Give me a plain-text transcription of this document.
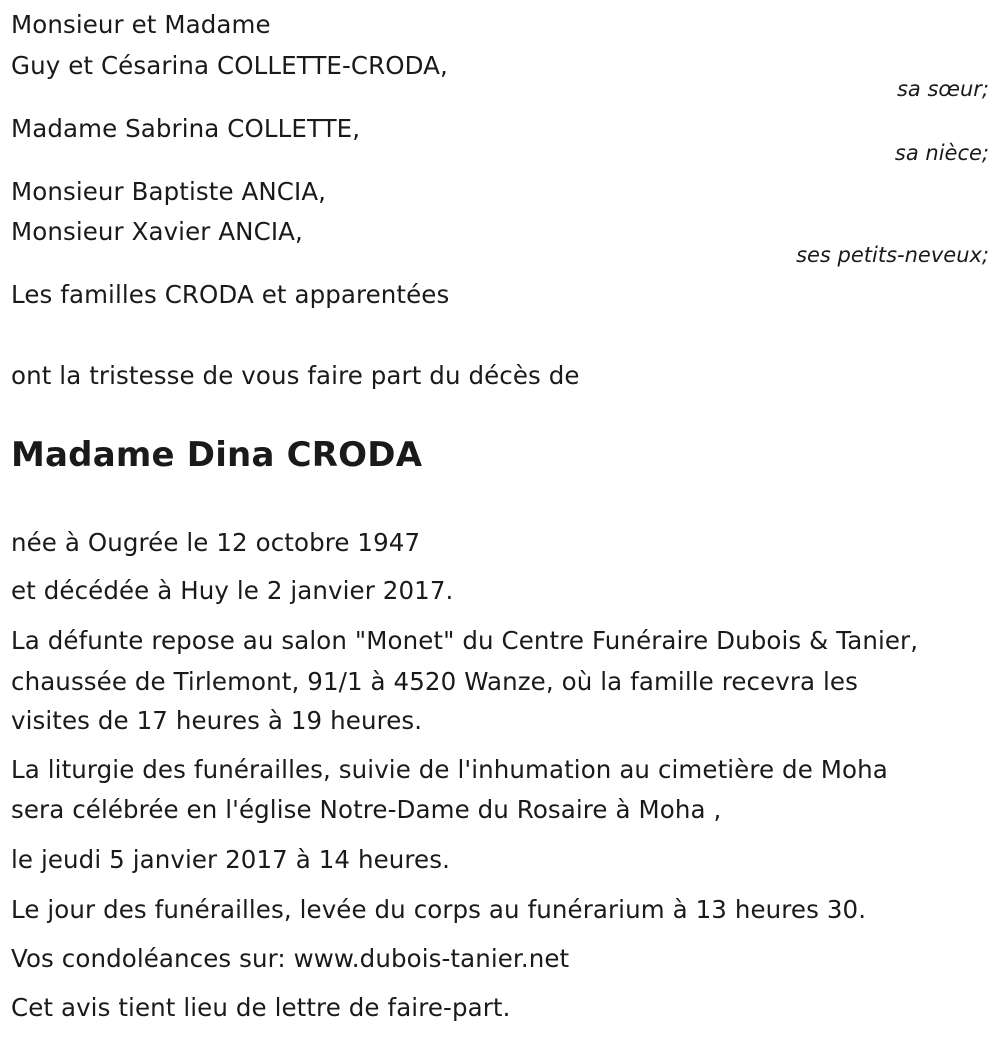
Monsieur et Madame
Guy et Césarina COLLETTE-CRODA,
sa sœur;
Madame Sabrina COLLETTE,
sa nièce;
Monsieur Baptiste ANCIA,
Monsieur Xavier ANCIA,
ses petits-neveux;
Les familles CRODA et apparentées
ont la tristesse de vous faire part du décès de
Madame Dina CRODA
née à Ougrée le 12 octobre 1947
et décédée à Huy le 2 janvier 2017.
La défunte repose au salon "Monet" du Centre Funéraire Dubois & Tanier,
chaussée de Tirlemont, 91/1 à 4520 Wanze, où la famille recevra les
visites de 17 heures à 19 heures.
La liturgie des funérailles, suivie de l'inhumation au cimetière de Moha
sera célébrée en l'église Notre-Dame du Rosaire à Moha ,
le jeudi 5 janvier 2017 à 14 heures.
Le jour des funérailles, levée du corps au funérarium à 13 heures 30.
Vos condoléances sur: www.dubois-tanier.net
Cet avis tient lieu de lettre de faire-part.
